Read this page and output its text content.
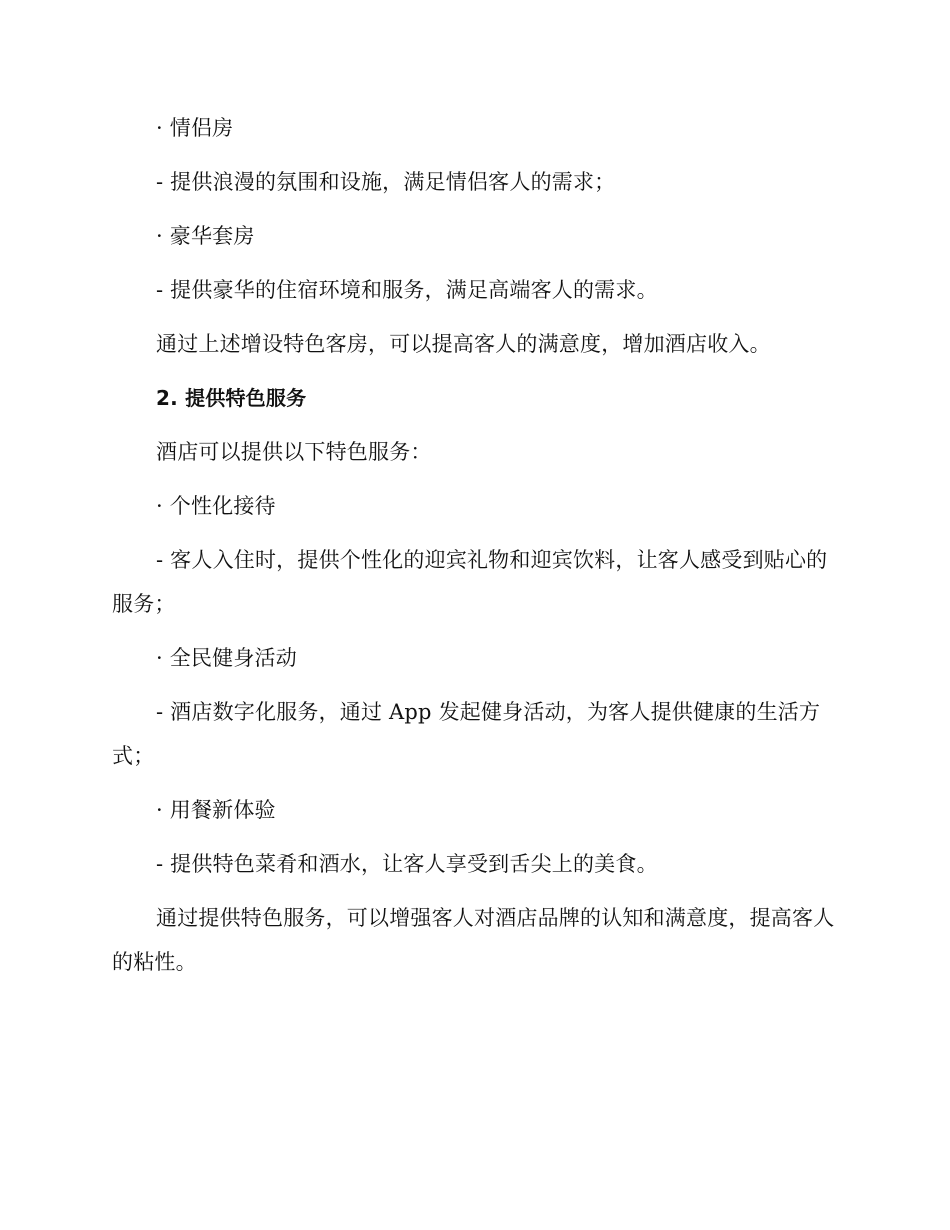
· 情侣房

- 提供浪漫的氛围和设施，满足情侣客人的需求；

· 豪华套房

- 提供豪华的住宿环境和服务，满足高端客人的需求。

通过上述增设特色客房，可以提高客人的满意度，增加酒店收入。

2. 提供特色服务

酒店可以提供以下特色服务：

· 个性化接待

- 客人入住时，提供个性化的迎宾礼物和迎宾饮料，让客人感受到贴心的服务；

· 全民健身活动

- 酒店数字化服务，通过 App 发起健身活动，为客人提供健康的生活方式；

· 用餐新体验

- 提供特色菜肴和酒水，让客人享受到舌尖上的美食。

通过提供特色服务，可以增强客人对酒店品牌的认知和满意度，提高客人的粘性。
